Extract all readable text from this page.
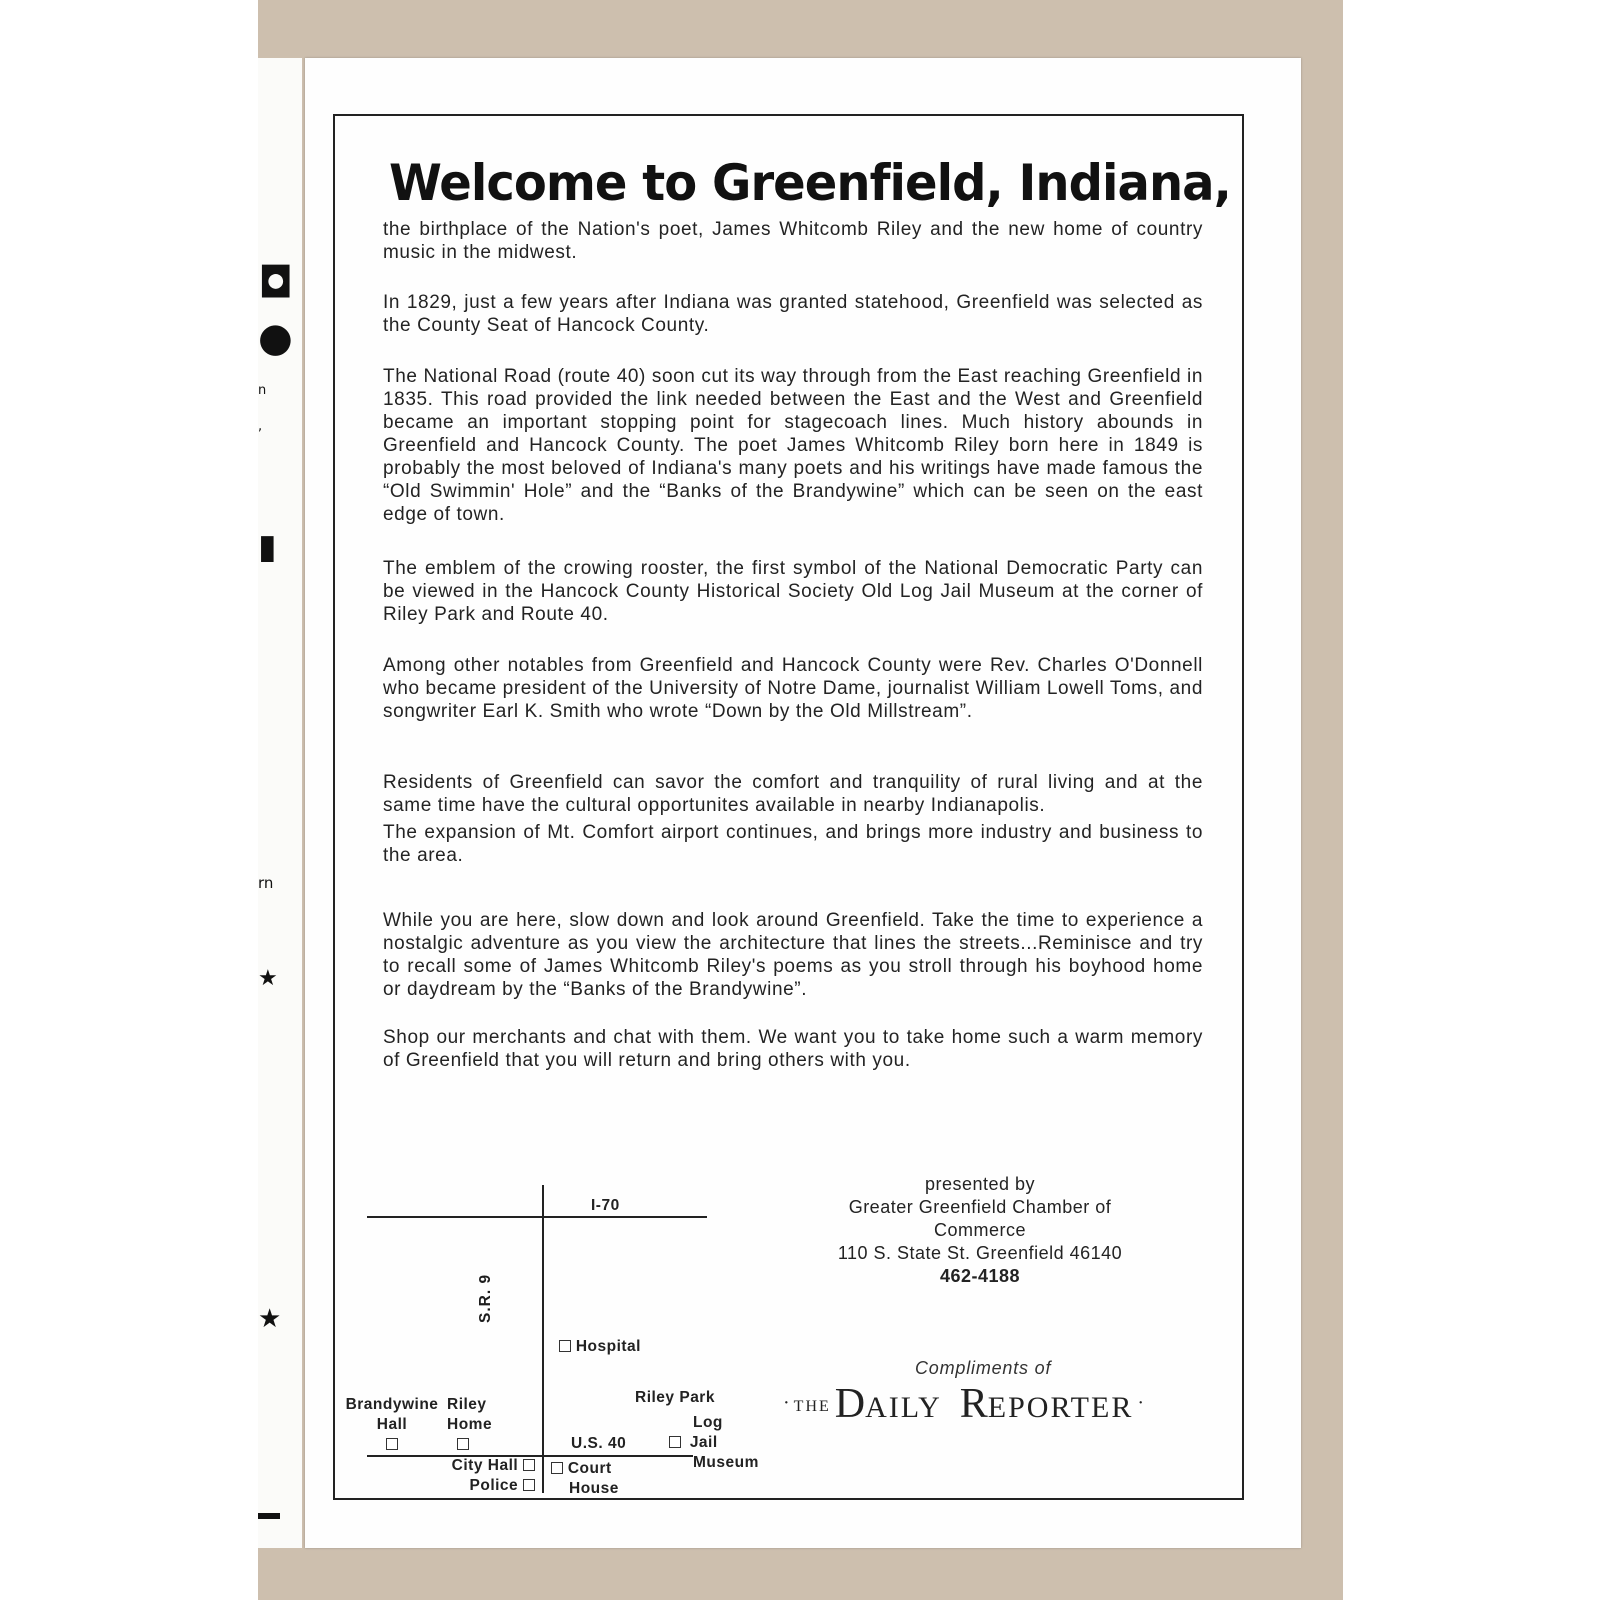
◘
●
n
,
▮
rn
★
★
Welcome to Greenfield, Indiana,

the birthplace of the Nation's poet, James Whitcomb Riley and the new home of country music in the midwest.

In 1829, just a few years after Indiana was granted statehood, Greenfield was selected as the County Seat of Hancock County.

The National Road (route 40) soon cut its way through from the East reaching Greenfield in 1835. This road provided the link needed between the East and the West and Greenfield became an important stopping point for stagecoach lines. Much history abounds in Greenfield and Hancock County. The poet James Whitcomb Riley born here in 1849 is probably the most beloved of Indiana's many poets and his writings have made famous the “Old Swimmin' Hole” and the “Banks of the Brandywine” which can be seen on the east edge of town.

The emblem of the crowing rooster, the first symbol of the National Democratic Party can be viewed in the Hancock County Historical Society Old Log Jail Museum at the corner of Riley Park and Route 40.

Among other notables from Greenfield and Hancock County were Rev. Charles O'Donnell who became president of the University of Notre Dame, journalist William Lowell Toms, and songwriter Earl K. Smith who wrote “Down by the Old Millstream”.

Residents of Greenfield can savor the comfort and tranquility of rural living and at the same time have the cultural opportunites available in nearby Indianapolis.

The expansion of Mt. Comfort airport continues, and brings more industry and business to the area.

While you are here, slow down and look around Greenfield. Take the time to experience a nostalgic adventure as you view the architecture that lines the streets...Reminisce and try to recall some of James Whitcomb Riley's poems as you stroll through his boyhood home or daydream by the “Banks of the Brandywine”.

Shop our merchants and chat with them. We want you to take home such a warm memory of Greenfield that you will return and bring others with you.

I-70
S.R. 9
Hospital
Riley Park
Brandywine
Hall

Riley
Home

U.S. 40
Log
Jail
Museum
City Hall
Police
Court
House
presented by
Greater Greenfield Chamber of
Commerce
110 S. State St. Greenfield 46140
462-4188
Compliments of
· THE DAILY REPORTER ·
